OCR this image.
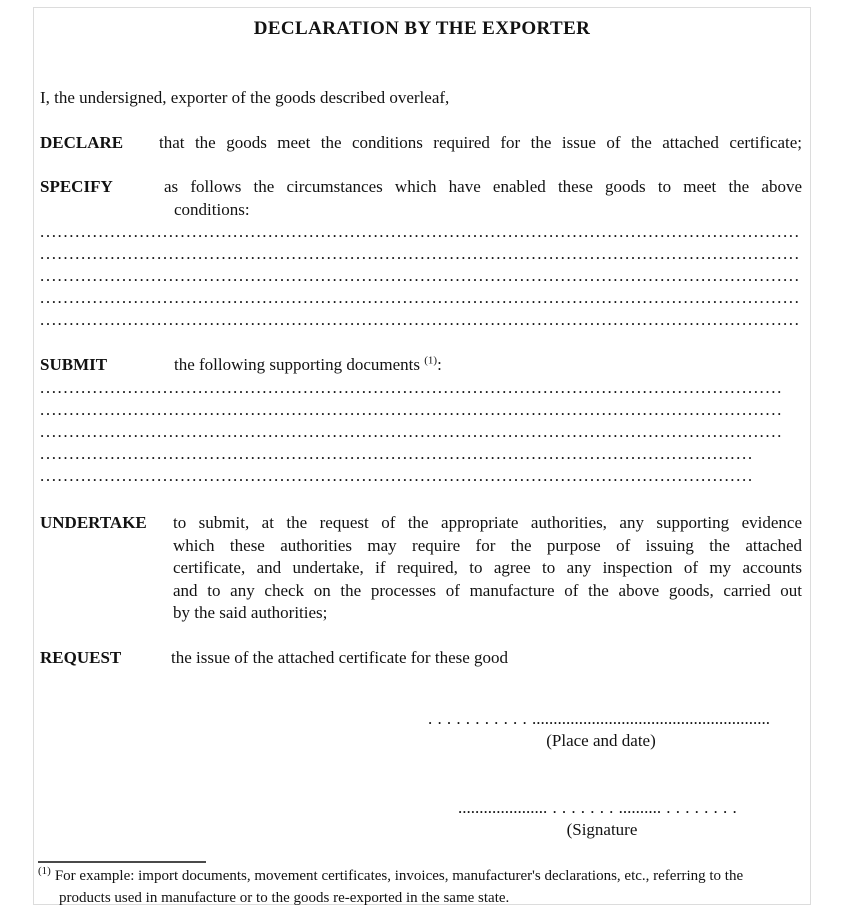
DECLARATION BY THE EXPORTER
I, the undersigned, exporter of the goods described overleaf,
DECLARE	that the goods meet the conditions required for the issue of the attached certificate;
SPECIFY	as follows the circumstances which have enabled these goods to meet the above
conditions:
..................................................................................................................................
..................................................................................................................................
..................................................................................................................................
..................................................................................................................................
..................................................................................................................................
SUBMIT	the following supporting documents $^{(1)}$:
...............................................................................................................................
...............................................................................................................................
...............................................................................................................................
..........................................................................................................................
..........................................................................................................................
UNDERTAKE	to submit, at the request of the appropriate authorities, any supporting evidence
which these authorities may require for the purpose of issuing the attached
certificate, and undertake, if required, to agree to any inspection of my accounts
and to any check on the processes of manufacture of the above goods, carried out
by the said authorities;
REQUEST	the issue of the attached certificate for these good
...................................................................
(Place and date)
..............................................
(Signature
$^{(1)}$ For example: import documents, movement certificates, invoices, manufacturer's declarations, etc., referring to the
products used in manufacture or to the goods re-exported in the same state.
